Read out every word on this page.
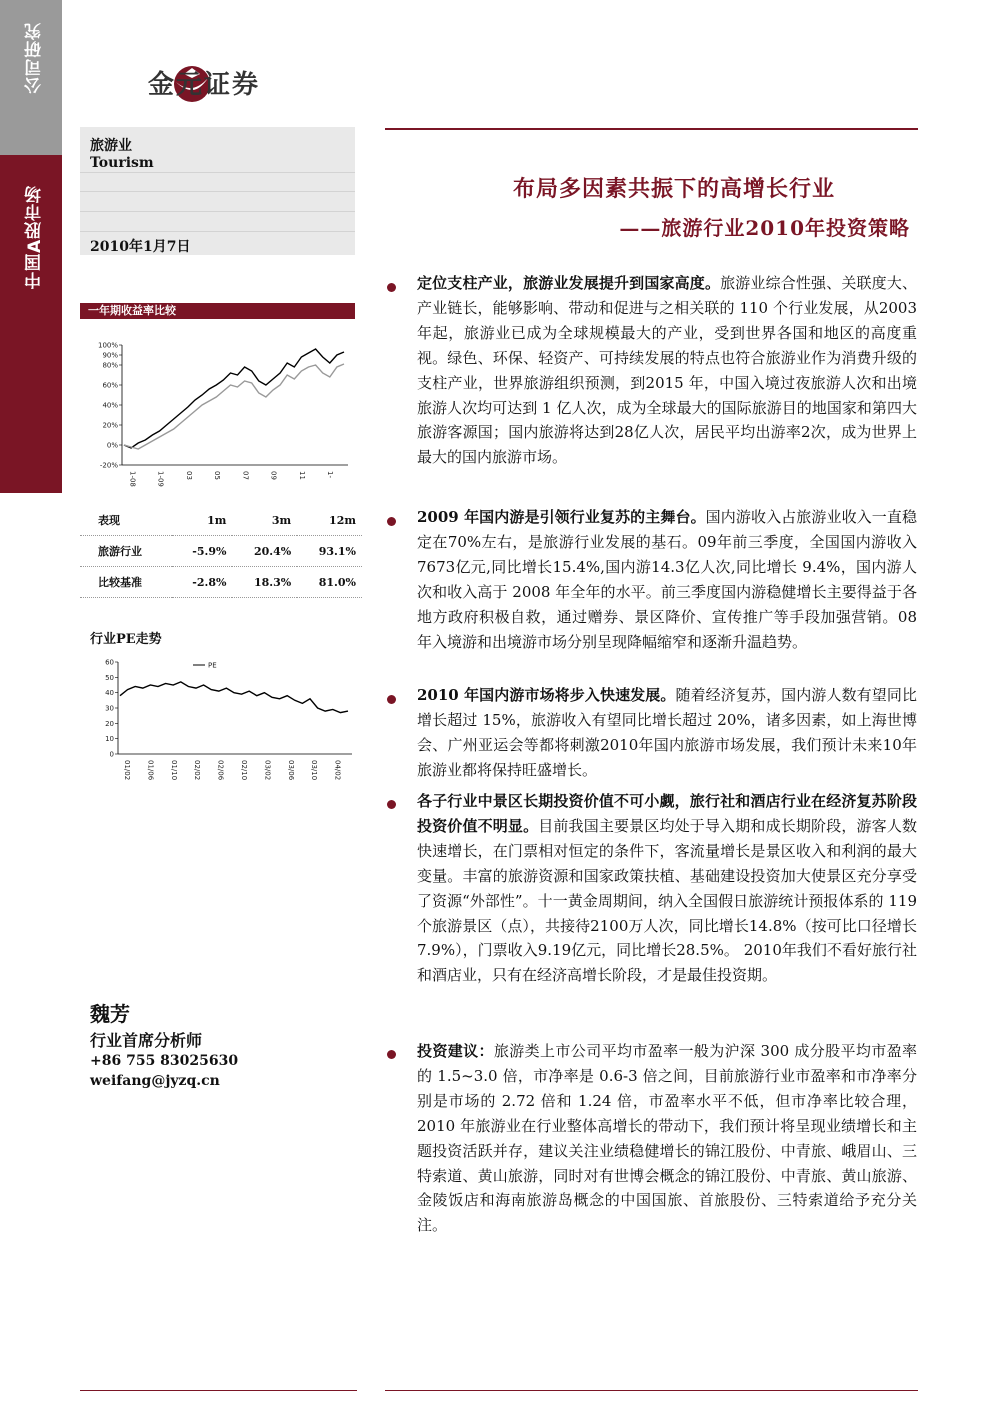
公司研究
中国A股市场
金元证券
旅游业
Tourism
2010年1月7日
一年期收益率比较
100%
90%
80%
60%
40%
20%
0%
-20%
1-08	1-09	03	05	07	09	11	1-
表现	1m	3m	12m
旅游行业	-5.9%	20.4%	93.1%
比较基准	-2.8%	18.3%	81.0%
行业PE走势
0
10
20
30
40
50
60
01/02 01/06 01/10 02/02 02/06 02/10 03/02 03/06 03/10 04/02
PE
魏芳
行业首席分析师
+86 755 83025630
weifang@jyzq.cn
布局多因素共振下的高增长行业
——旅游行业2010年投资策略
定位支柱产业，旅游业发展提升到国家高度。旅游业综合性强、关联度大、产业链长，能够影响、带动和促进与之相关联的 110 个行业发展，从2003年起，旅游业已成为全球规模最大的产业，受到世界各国和地区的高度重视。绿色、环保、轻资产、可持续发展的特点也符合旅游业作为消费升级的支柱产业，世界旅游组织预测，到2015 年，中国入境过夜旅游人次和出境旅游人次均可达到 1 亿人次，成为全球最大的国际旅游目的地国家和第四大旅游客源国；国内旅游将达到28亿人次，居民平均出游率2次，成为世界上最大的国内旅游市场。
2009 年国内游是引领行业复苏的主舞台。国内游收入占旅游业收入一直稳定在70%左右，是旅游行业发展的基石。09年前三季度，全国国内游收入7673亿元,同比增长15.4%,国内游14.3亿人次,同比增长 9.4%，国内游人次和收入高于 2008 年全年的水平。前三季度国内游稳健增长主要得益于各地方政府积极自救，通过赠券、景区降价、宣传推广等手段加强营销。08 年入境游和出境游市场分别呈现降幅缩窄和逐渐升温趋势。
2010 年国内游市场将步入快速发展。随着经济复苏，国内游人数有望同比增长超过 15%，旅游收入有望同比增长超过 20%，诸多因素，如上海世博会、广州亚运会等都将刺激2010年国内旅游市场发展，我们预计未来10年旅游业都将保持旺盛增长。
各子行业中景区长期投资价值不可小觑，旅行社和酒店行业在经济复苏阶段投资价值不明显。目前我国主要景区均处于导入期和成长期阶段，游客人数快速增长，在门票相对恒定的条件下，客流量增长是景区收入和利润的最大变量。丰富的旅游资源和国家政策扶植、基础建设投资加大使景区充分享受了资源“外部性”。十一黄金周期间，纳入全国假日旅游统计预报体系的 119 个旅游景区（点），共接待2100万人次，同比增长14.8%（按可比口径增长7.9%），门票收入9.19亿元，同比增长28.5%。 2010年我们不看好旅行社和酒店业，只有在经济高增长阶段，才是最佳投资期。
投资建议：旅游类上市公司平均市盈率一般为沪深 300 成分股平均市盈率的 1.5~3.0 倍，市净率是 0.6-3 倍之间，目前旅游行业市盈率和市净率分别是市场的 2.72 倍和 1.24 倍，市盈率水平不低，但市净率比较合理，2010 年旅游业在行业整体高增长的带动下，我们预计将呈现业绩增长和主题投资活跃并存，建议关注业绩稳健增长的锦江股份、中青旅、峨眉山、三特索道、黄山旅游，同时对有世博会概念的锦江股份、中青旅、黄山旅游、金陵饭店和海南旅游岛概念的中国国旅、首旅股份、三特索道给予充分关注。
